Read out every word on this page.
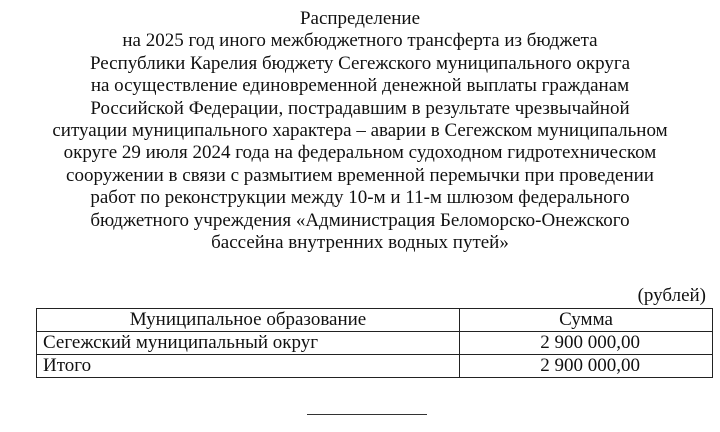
Распределение
на 2025 год иного межбюджетного трансферта из бюджета
Республики Карелия бюджету Сегежского муниципального округа
на осуществление единовременной денежной выплаты гражданам
Российской Федерации, пострадавшим в результате чрезвычайной
ситуации муниципального характера – аварии в Сегежском муниципальном
округе 29 июля 2024 года на федеральном судоходном гидротехническом
сооружении в связи с размытием временной перемычки при проведении
работ по реконструкции между 10-м и 11-м шлюзом федерального
бюджетного учреждения «Администрация Беломорско-Онежского
бассейна внутренних водных путей»
(рублей)
Муниципальное образование	Сумма
Сегежский муниципальный округ	2 900 000,00
Итого	2 900 000,00
